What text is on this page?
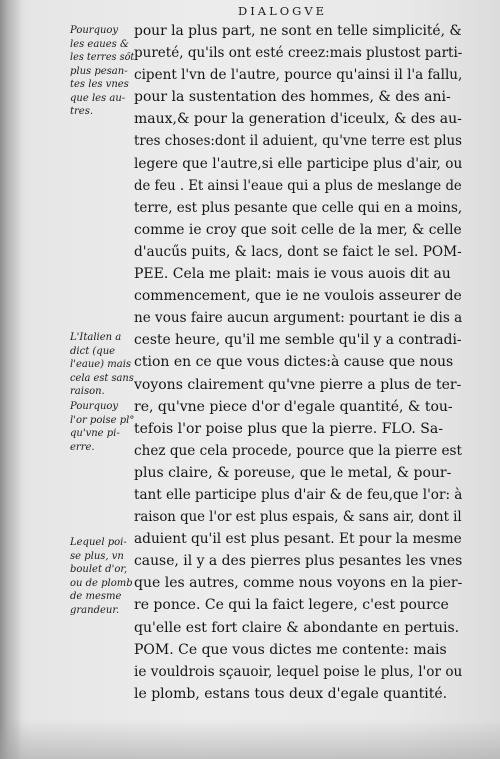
DIALOGVE
Pourquoy
les eaues &
les terres sőt
plus pesan-
tes les vnes
que les au-
tres.
L'Italien a
dict (que
l'eaue) mais
cela est sans
raison.
Pourquoy
l'or poise pl°
qu'vne pi-
erre.
Lequel poi-
se plus, vn
boulet d'or,
ou de plomb
de mesme
grandeur.
pour la plus part, ne sont en telle simplicité, &
pureté, qu'ils ont esté creez:mais plustost parti-
cipent l'vn de l'autre, pource qu'ainsi il l'a fallu,
pour la sustentation des hommes, & des ani-
maux,& pour la generation d'iceulx, & des au-
tres choses:dont il aduient, qu'vne terre est plus
legere que l'autre,si elle participe plus d'air, ou
de feu . Et ainsi l'eaue qui a plus de meslange de
terre, est plus pesante que celle qui en a moins,
comme ie croy que soit celle de la mer, & celle
d'aucűs puits, & lacs, dont se faict le sel. POM-
PEE. Cela me plait: mais ie vous auois dit au
commencement, que ie ne voulois asseurer de
ne vous faire aucun argument: pourtant ie dis a
ceste heure, qu'il me semble qu'il y a contradi-
ction en ce que vous dictes:à cause que nous
voyons clairement qu'vne pierre a plus de ter-
re, qu'vne piece d'or d'egale quantité, & tou-
tefois l'or poise plus que la pierre. FLO. Sa-
chez que cela procede, pource que la pierre est
plus claire, & poreuse, que le metal, & pour-
tant elle participe plus d'air & de feu,que l'or: à
raison que l'or est plus espais, & sans air, dont il
aduient qu'il est plus pesant. Et pour la mesme
cause, il y a des pierres plus pesantes les vnes
que les autres, comme nous voyons en la pier-
re ponce. Ce qui la faict legere, c'est pource
qu'elle est fort claire & abondante en pertuis.
POM. Ce que vous dictes me contente: mais
ie vouldrois sçauoir, lequel poise le plus, l'or ou
le plomb, estans tous deux d'egale quantité.
